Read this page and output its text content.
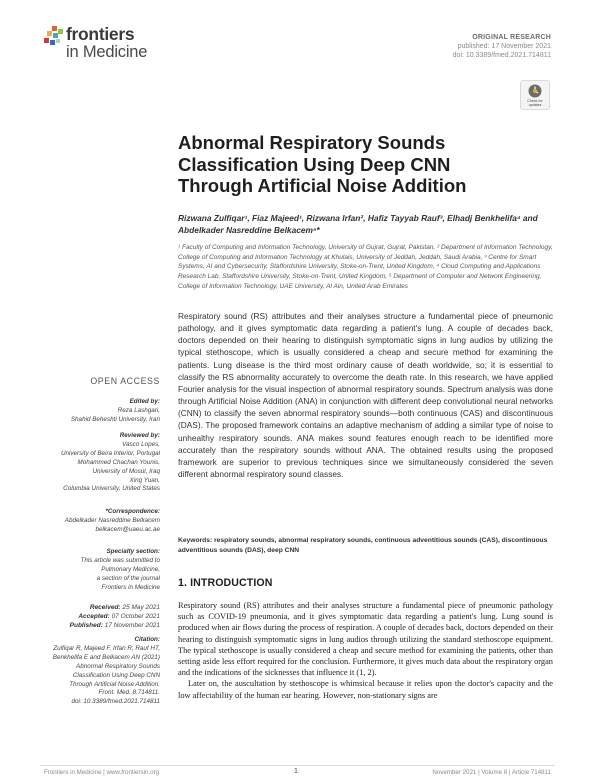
frontiers
in Medicine
ORIGINAL RESEARCH
published: 17 November 2021
doi: 10.3389/fmed.2021.714811
Check for
updates
Abnormal Respiratory Sounds Classification Using Deep CNN Through Artificial Noise Addition
Rizwana Zulfiqar¹, Fiaz Majeed¹, Rizwana Irfan², Hafiz Tayyab Rauf³, Elhadj Benkhelifa⁴ and Abdelkader Nasreddine Belkacem⁵*
¹ Faculty of Computing and Information Technology, University of Gujrat, Gujrat, Pakistan, ² Department of Information Technology, College of Computing and Information Technology at Khulais, University of Jeddah, Jeddah, Saudi Arabia, ³ Centre for Smart Systems, AI and Cybersecurity, Staffordshire University, Stoke-on-Trent, United Kingdom, ⁴ Cloud Computing and Applications Research Lab, Staffordshire University, Stoke-on-Trent, United Kingdom, ⁵ Department of Computer and Network Engineering, College of Information Technology, UAE University, Al Ain, United Arab Emirates
Respiratory sound (RS) attributes and their analyses structure a fundamental piece of pneumonic pathology, and it gives symptomatic data regarding a patient's lung. A couple of decades back, doctors depended on their hearing to distinguish symptomatic signs in lung audios by utilizing the typical stethoscope, which is usually considered a cheap and secure method for examining the patients. Lung disease is the third most ordinary cause of death worldwide, so; it is essential to classify the RS abnormality accurately to overcome the death rate. In this research, we have applied Fourier analysis for the visual inspection of abnormal respiratory sounds. Spectrum analysis was done through Artificial Noise Addition (ANA) in conjunction with different deep convolutional neural networks (CNN) to classify the seven abnormal respiratory sounds—both continuous (CAS) and discontinuous (DAS). The proposed framework contains an adaptive mechanism of adding a similar type of noise to unhealthy respiratory sounds. ANA makes sound features enough reach to be identified more accurately than the respiratory sounds without ANA. The obtained results using the proposed framework are superior to previous techniques since we simultaneously considered the seven different abnormal respiratory sound classes.
Keywords: respiratory sounds, abnormal respiratory sounds, continuous adventitious sounds (CAS), discontinuous adventitious sounds (DAS), deep CNN
1. INTRODUCTION

Respiratory sound (RS) attributes and their analyses structure a fundamental piece of pneumonic pathology such as COVID-19 pneumonia, and it gives symptomatic data regarding a patient's lung. Lung sound is produced when air flows during the process of respiration. A couple of decades back, doctors depended on their hearing to distinguish symptomatic signs in lung audios through utilizing the standard stethoscope equipment. The typical stethoscope is usually considered a cheap and secure method for examining the patients, other than setting aside less effort required for the conclusion. Furthermore, it gives much data about the respiratory organ and the indications of the sicknesses that influence it (1, 2).

Later on, the auscultation by stethoscope is whimsical because it relies upon the doctor's capacity and the low affectability of the human ear hearing. However, non-stationary signs are

OPEN ACCESS
Edited by:
Reza Lashgari,
Shahid Beheshti University, Iran
Reviewed by:
Vasco Lopes,
University of Beira Interior, Portugal
Mohammed Chachan Younis,
University of Mosul, Iraq
Xing Yuan,
Columbia University, United States
*Correspondence:
Abdelkader Nasreddine Belkacem
belkacem@uaeu.ac.ae
Specialty section:
This article was submitted to
Pulmonary Medicine,
a section of the journal
Frontiers in Medicine
Received: 25 May 2021
Accepted: 07 October 2021
Published: 17 November 2021
Citation:
Zulfiqar R, Majeed F, Irfan R, Rauf HT,
Benkhelifa E and Belkacem AN (2021)
Abnormal Respiratory Sounds
Classification Using Deep CNN
Through Artificial Noise Addition.
Front. Med. 8:714811.
doi: 10.3389/fmed.2021.714811
Frontiers in Medicine | www.frontiersin.org	1	November 2021 | Volume 8 | Article 714811
